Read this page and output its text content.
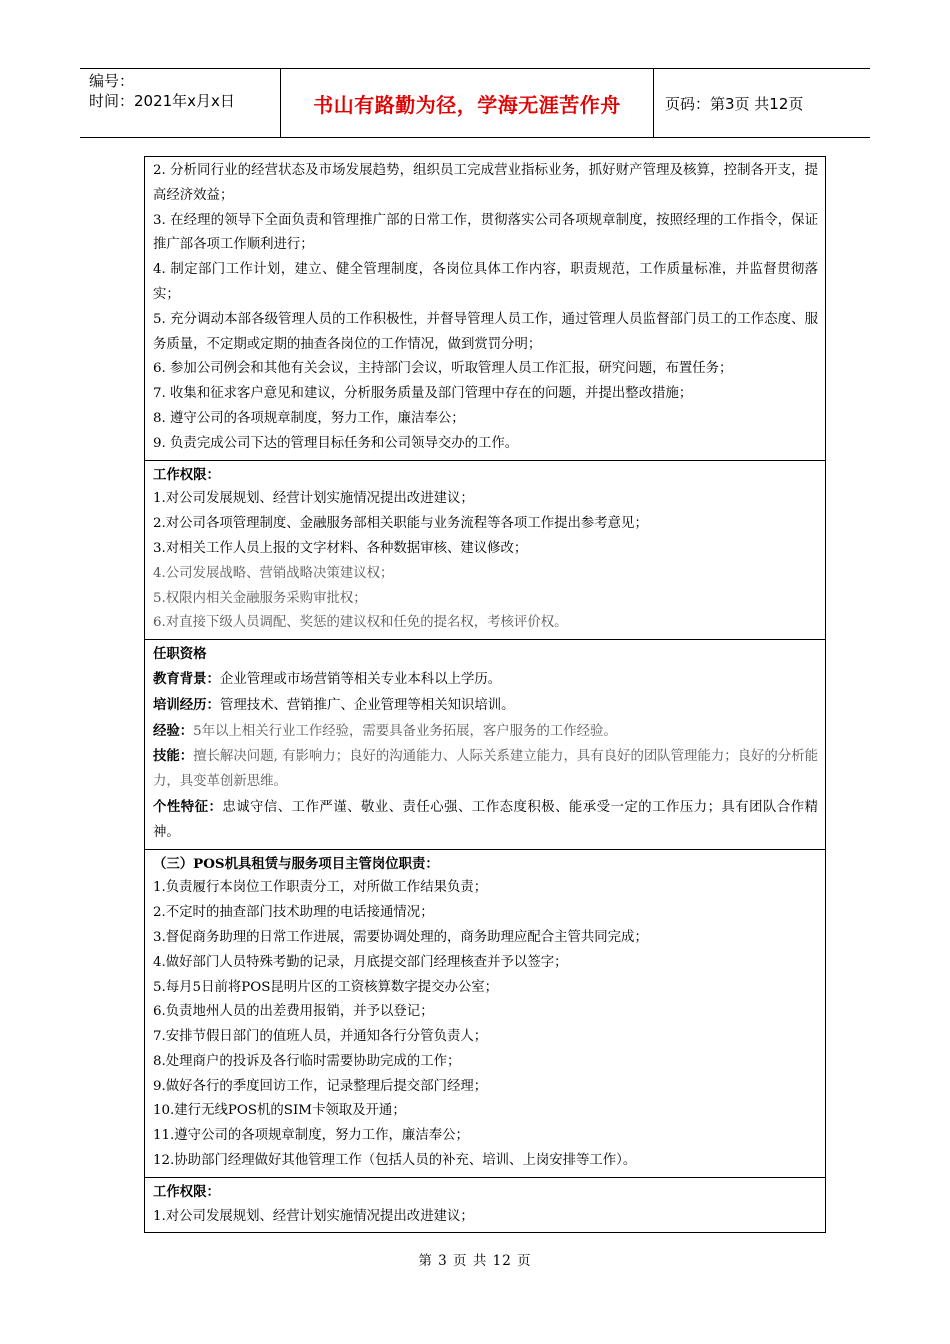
编号：
时间：2021年x月x日	书山有路勤为径，学海无涯苦作舟	页码：第3页 共12页
2. 分析同行业的经营状态及市场发展趋势，组织员工完成营业指标业务，抓好财产管理及核算，控制各开支，提高经济效益；
3. 在经理的领导下全面负责和管理推广部的日常工作，贯彻落实公司各项规章制度，按照经理的工作指令，保证推广部各项工作顺利进行；
4. 制定部门工作计划，建立、健全管理制度，各岗位具体工作内容，职责规范，工作质量标准，并监督贯彻落实；
5. 充分调动本部各级管理人员的工作积极性，并督导管理人员工作，通过管理人员监督部门员工的工作态度、服务质量，不定期或定期的抽查各岗位的工作情况，做到赏罚分明；
6. 参加公司例会和其他有关会议，主持部门会议，听取管理人员工作汇报，研究问题，布置任务；
7. 收集和征求客户意见和建议，分析服务质量及部门管理中存在的问题，并提出整改措施；
8. 遵守公司的各项规章制度，努力工作，廉洁奉公；
9. 负责完成公司下达的管理目标任务和公司领导交办的工作。

工作权限：
1.对公司发展规划、经营计划实施情况提出改进建议；
2.对公司各项管理制度、金融服务部相关职能与业务流程等各项工作提出参考意见；
3.对相关工作人员上报的文字材料、各种数据审核、建议修改；
4.公司发展战略、营销战略决策建议权；
5.权限内相关金融服务采购审批权；
6.对直接下级人员调配、奖惩的建议权和任免的提名权，考核评价权。

任职资格
教育背景：企业管理或市场营销等相关专业本科以上学历。
培训经历：管理技术、营销推广、企业管理等相关知识培训。
经验：5年以上相关行业工作经验，需要具备业务拓展，客户服务的工作经验。
技能：擅长解决问题, 有影响力；良好的沟通能力、人际关系建立能力，具有良好的团队管理能力；良好的分析能力，具变革创新思维。
个性特征：忠诚守信、工作严谨、敬业、责任心强、工作态度积极、能承受一定的工作压力；具有团队合作精神。

（三）POS机具租赁与服务项目主管岗位职责：
1.负责履行本岗位工作职责分工，对所做工作结果负责；
2.不定时的抽查部门技术助理的电话接通情况；
3.督促商务助理的日常工作进展，需要协调处理的，商务助理应配合主管共同完成；
4.做好部门人员特殊考勤的记录，月底提交部门经理核查并予以签字；
5.每月5日前将POS昆明片区的工资核算数字提交办公室；
6.负责地州人员的出差费用报销，并予以登记；
7.安排节假日部门的值班人员，并通知各行分管负责人；
8.处理商户的投诉及各行临时需要协助完成的工作；
9.做好各行的季度回访工作，记录整理后提交部门经理；
10.建行无线POS机的SIM卡领取及开通；
11.遵守公司的各项规章制度，努力工作，廉洁奉公；
12.协助部门经理做好其他管理工作（包括人员的补充、培训、上岗安排等工作）。

工作权限：
1.对公司发展规划、经营计划实施情况提出改进建议；
第 3 页 共 12 页
